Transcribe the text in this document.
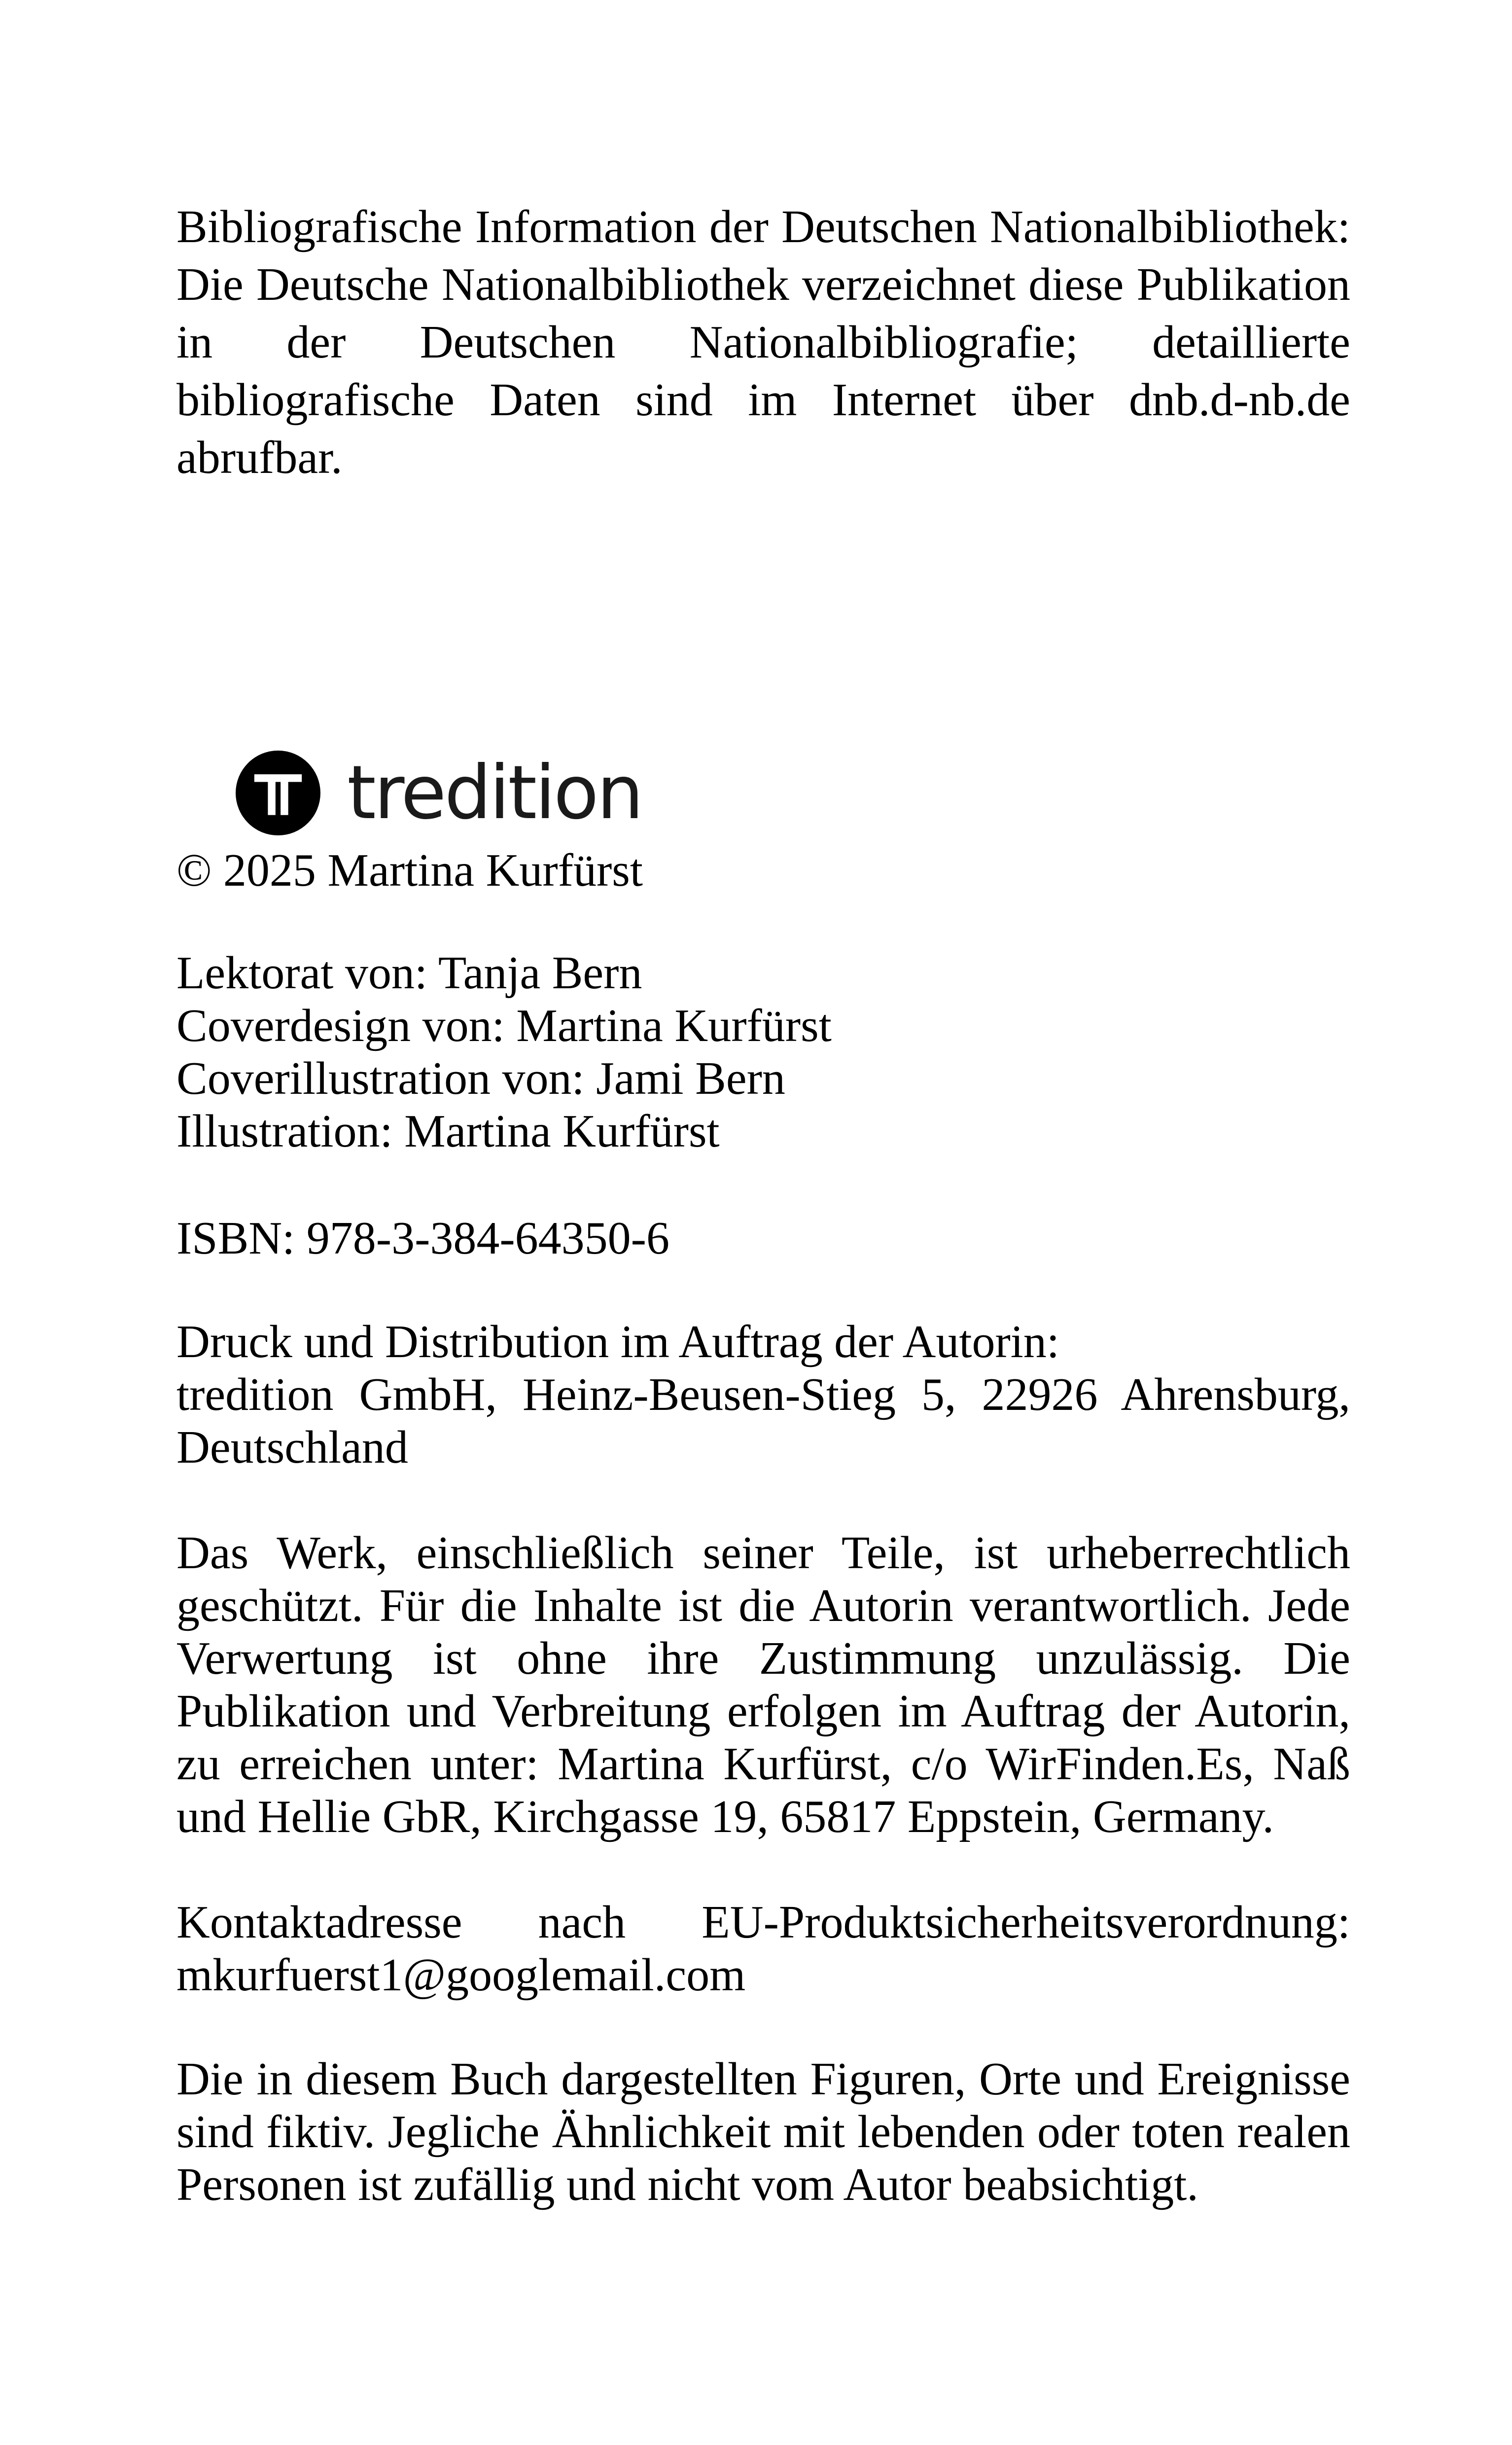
Bibliografische Information der Deutschen Nationalbibliothek: Die Deutsche Nationalbibliothek verzeichnet diese Publikation in der Deutschen Nationalbibliografie; detaillierte bibliografische Daten sind im Internet über dnb.d-nb.de abrufbar.

tredition

© 2025 Martina Kurfürst

Lektorat von: Tanja Bern
Coverdesign von: Martina Kurfürst
Coverillustration von: Jami Bern
Illustration: Martina Kurfürst

ISBN: 978-3-384-64350-6

Druck und Distribution im Auftrag der Autorin:
tredition GmbH, Heinz-Beusen-Stieg 5, 22926 Ahrensburg, Deutschland

Das Werk, einschließlich seiner Teile, ist urheberrechtlich geschützt. Für die Inhalte ist die Autorin verantwortlich. Jede Verwertung ist ohne ihre Zustimmung unzulässig. Die Publikation und Verbreitung erfolgen im Auftrag der Autorin, zu erreichen unter: Martina Kurfürst, c/o WirFinden.Es, Naß und Hellie GbR, Kirchgasse 19, 65817 Eppstein, Germany.

Kontaktadresse nach EU-Produktsicherheitsverordnung: mkurfuerst1@googlemail.com

Die in diesem Buch dargestellten Figuren, Orte und Ereignisse sind fiktiv. Jegliche Ähnlichkeit mit lebenden oder toten realen Personen ist zufällig und nicht vom Autor beabsichtigt.
